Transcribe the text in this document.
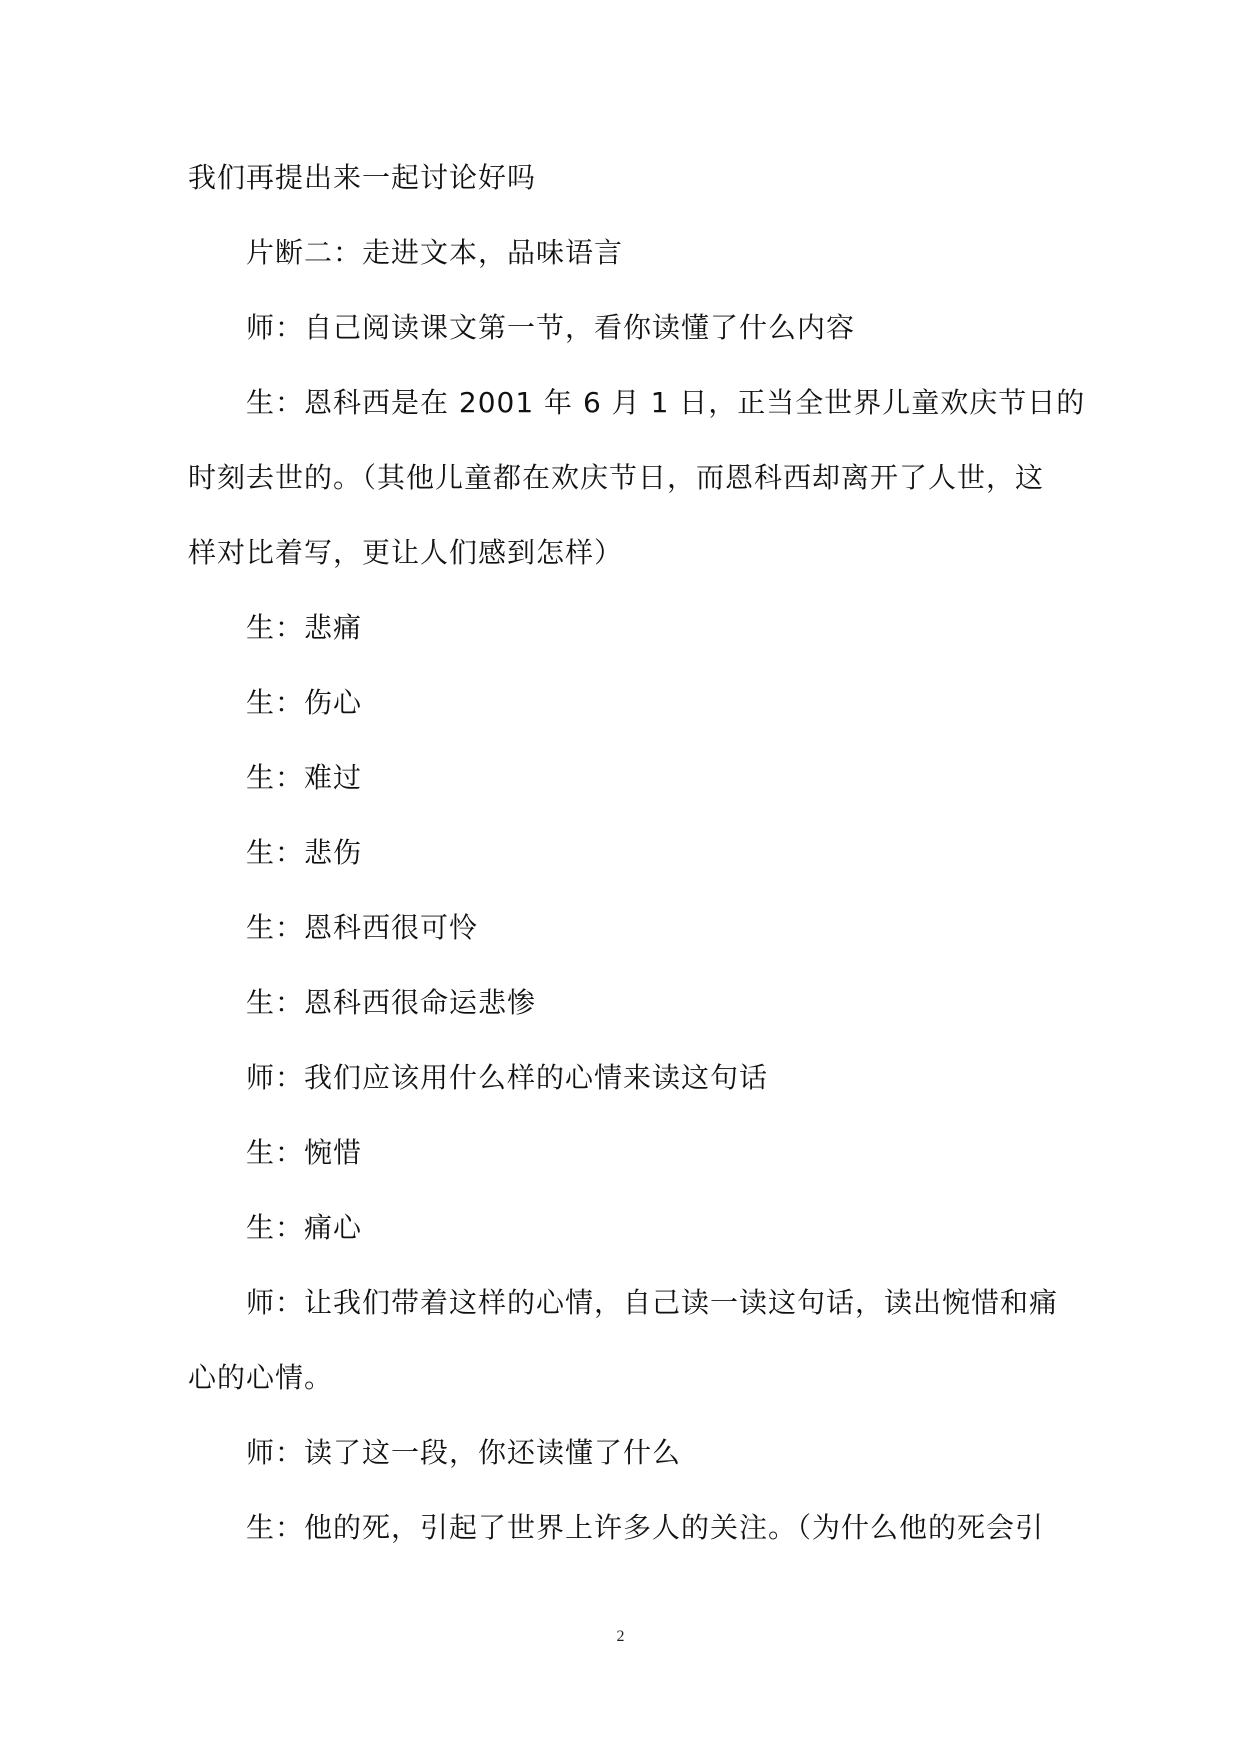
我们再提出来一起讨论好吗
片断二：走进文本，品味语言
师：自己阅读课文第一节，看你读懂了什么内容
生：恩科西是在 2001 年 6 月 1 日，正当全世界儿童欢庆节日的
时刻去世的。（其他儿童都在欢庆节日，而恩科西却离开了人世，这
样对比着写，更让人们感到怎样）
生：悲痛
生：伤心
生：难过
生：悲伤
生：恩科西很可怜
生：恩科西很命运悲惨
师：我们应该用什么样的心情来读这句话
生：惋惜
生：痛心
师：让我们带着这样的心情，自己读一读这句话，读出惋惜和痛
心的心情。
师：读了这一段，你还读懂了什么
生：他的死，引起了世界上许多人的关注。（为什么他的死会引
2
